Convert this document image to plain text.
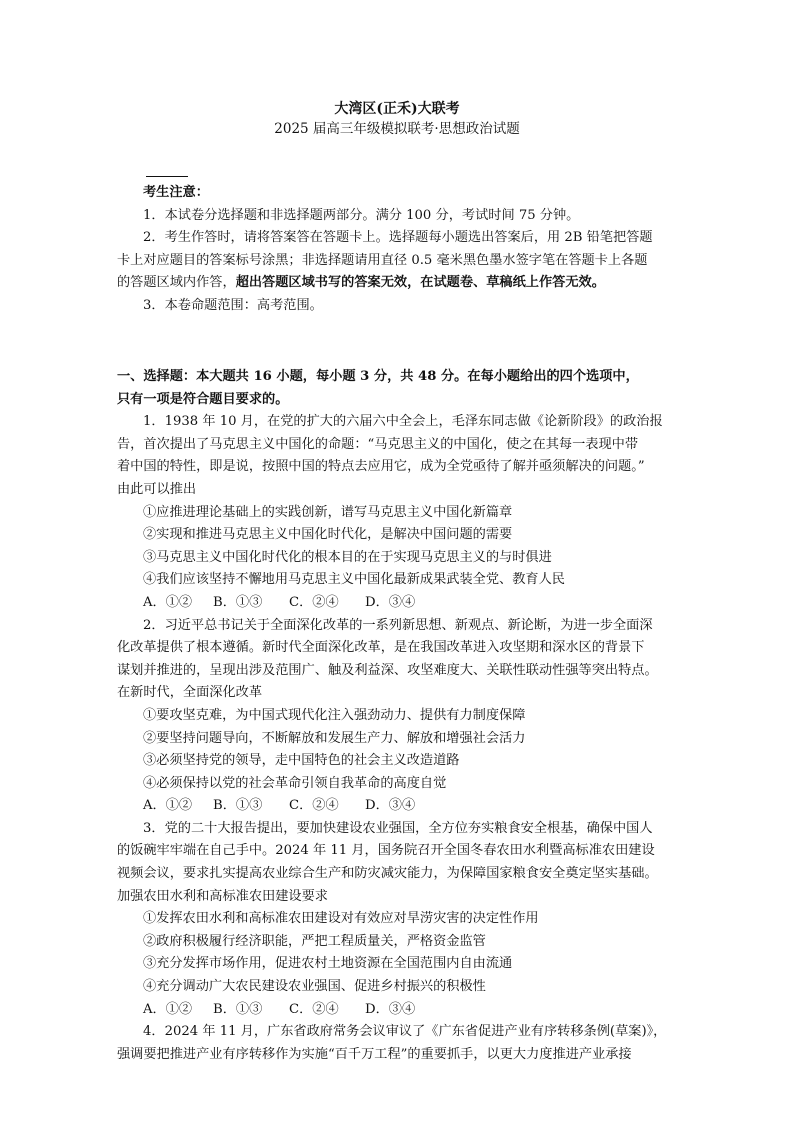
大湾区(正禾)大联考
2025 届高三年级模拟联考·思想政治试题
考生注意：
1．本试卷分选择题和非选择题两部分。满分 100 分，考试时间 75 分钟。
2．考生作答时，请将答案答在答题卡上。选择题每小题选出答案后，用 2B 铅笔把答题
卡上对应题目的答案标号涂黑；非选择题请用直径 0.5 毫米黑色墨水签字笔在答题卡上各题
的答题区域内作答，超出答题区域书写的答案无效，在试题卷、草稿纸上作答无效。
3．本卷命题范围：高考范围。
一、选择题：本大题共 16 小题，每小题 3 分，共 48 分。在每小题给出的四个选项中，
只有一项是符合题目要求的。
1．1938 年 10 月，在党的扩大的六届六中全会上，毛泽东同志做《论新阶段》的政治报
告，首次提出了马克思主义中国化的命题：“马克思主义的中国化，使之在其每一表现中带
着中国的特性，即是说，按照中国的特点去应用它，成为全党亟待了解并亟须解决的问题。”
由此可以推出
①应推进理论基础上的实践创新，谱写马克思主义中国化新篇章
②实现和推进马克思主义中国化时代化，是解决中国问题的需要
③马克思主义中国化时代化的根本目的在于实现马克思主义的与时俱进
④我们应该坚持不懈地用马克思主义中国化最新成果武装全党、教育人民
A．①② B．①③ C．②④ D．③④
2．习近平总书记关于全面深化改革的一系列新思想、新观点、新论断，为进一步全面深
化改革提供了根本遵循。新时代全面深化改革，是在我国改革进入攻坚期和深水区的背景下
谋划并推进的，呈现出涉及范围广、触及利益深、攻坚难度大、关联性联动性强等突出特点。
在新时代，全面深化改革
①要攻坚克难，为中国式现代化注入强劲动力、提供有力制度保障
②要坚持问题导向，不断解放和发展生产力、解放和增强社会活力
③必须坚持党的领导，走中国特色的社会主义改造道路
④必须保持以党的社会革命引领自我革命的高度自觉
A．①② B．①③ C．②④ D．③④
3．党的二十大报告提出，要加快建设农业强国，全方位夯实粮食安全根基，确保中国人
的饭碗牢牢端在自己手中。2024 年 11 月，国务院召开全国冬春农田水利暨高标准农田建设
视频会议，要求扎实提高农业综合生产和防灾减灾能力，为保障国家粮食安全奠定坚实基础。
加强农田水利和高标准农田建设要求
①发挥农田水利和高标准农田建设对有效应对旱涝灾害的决定性作用
②政府积极履行经济职能，严把工程质量关，严格资金监管
③充分发挥市场作用，促进农村土地资源在全国范围内自由流通
④充分调动广大农民建设农业强国、促进乡村振兴的积极性
A．①② B．①③ C．②④ D．③④
4．2024 年 11 月，广东省政府常务会议审议了《广东省促进产业有序转移条例(草案)》，
强调要把推进产业有序转移作为实施“百千万工程”的重要抓手，以更大力度推进产业承接
